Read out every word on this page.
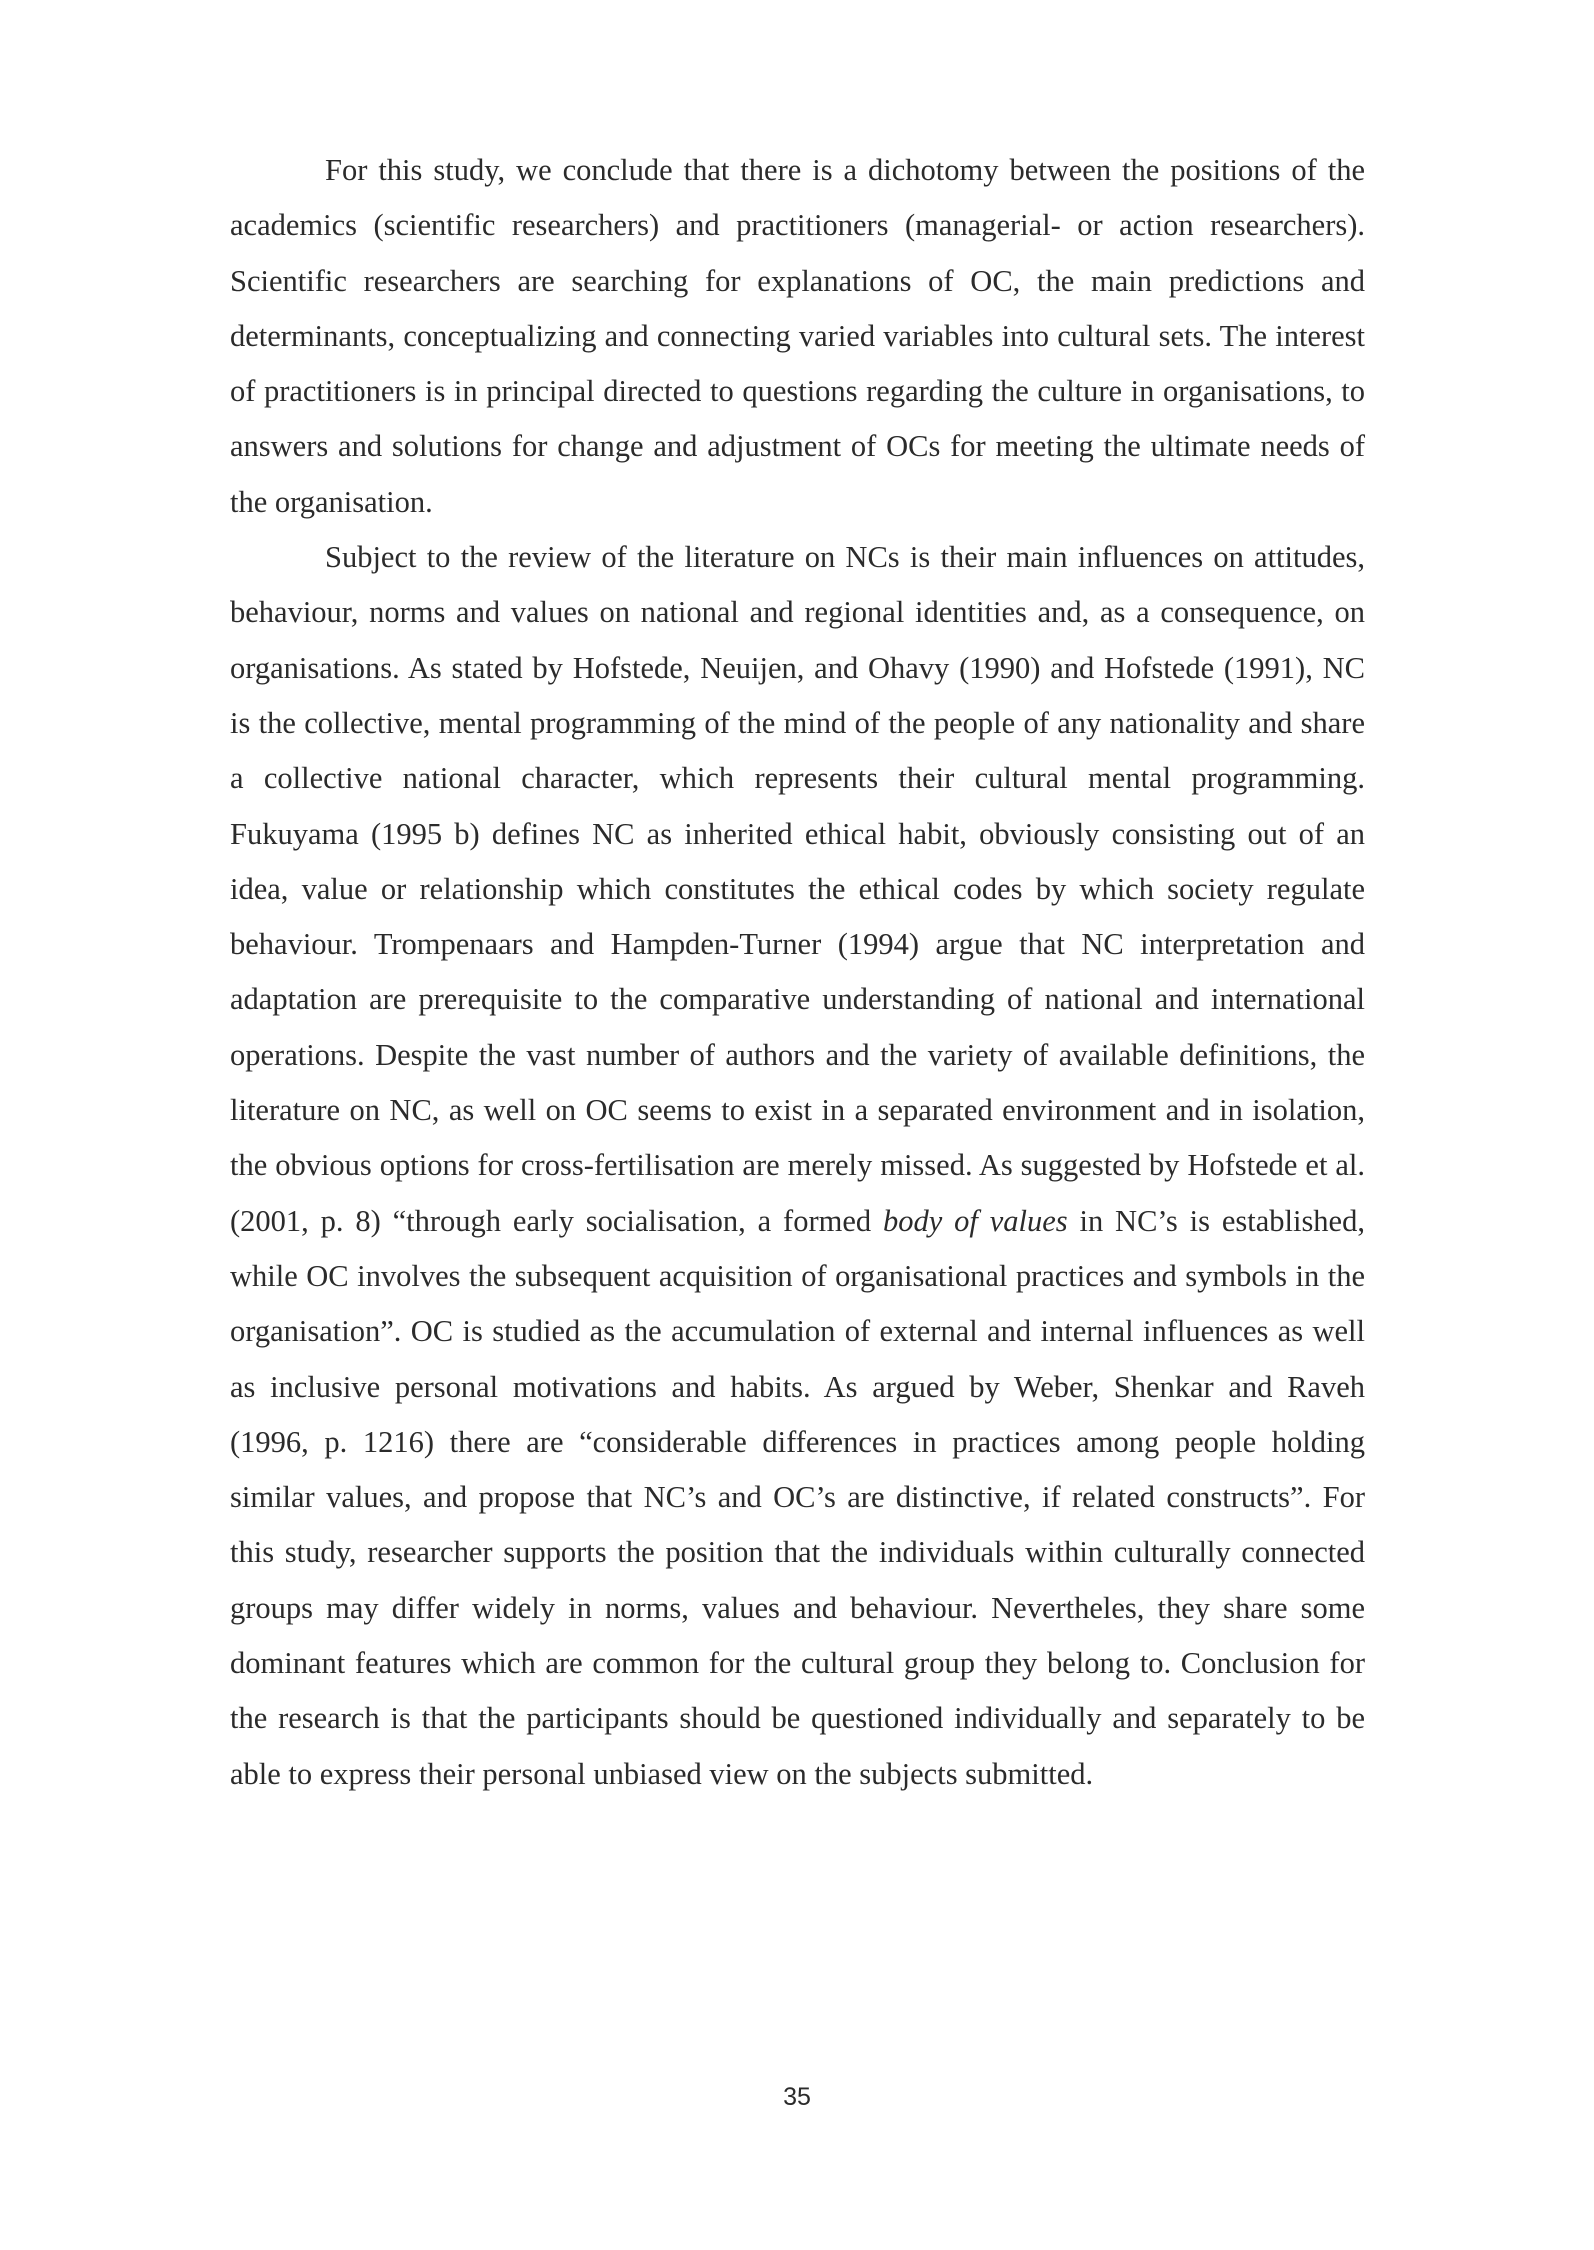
For this study, we conclude that there is a dichotomy between the positions of the academics (scientific researchers) and practitioners (managerial- or action researchers). Scientific researchers are searching for explanations of OC, the main predictions and determinants, conceptualizing and connecting varied variables into cultural sets. The interest of practitioners is in principal directed to questions regarding the culture in organisations, to answers and solutions for change and adjustment of OCs for meeting the ultimate needs of the organisation.

Subject to the review of the literature on NCs is their main influences on attitudes, behaviour, norms and values on national and regional identities and, as a consequence, on organisations. As stated by Hofstede, Neuijen, and Ohavy (1990) and Hofstede (1991), NC is the collective, mental programming of the mind of the people of any nationality and share a collective national character, which represents their cultural mental programming. Fukuyama (1995 b) defines NC as inherited ethical habit, obviously consisting out of an idea, value or relationship which constitutes the ethical codes by which society regulate behaviour. Trompenaars and Hampden-Turner (1994) argue that NC interpretation and adaptation are prerequisite to the comparative understanding of national and international operations. Despite the vast number of authors and the variety of available definitions, the literature on NC, as well on OC seems to exist in a separated environment and in isolation, the obvious options for cross-fertilisation are merely missed. As suggested by Hofstede et al. (2001, p. 8) “through early socialisation, a formed body of values in NC’s is established, while OC involves the subsequent acquisition of organisational practices and symbols in the organisation”. OC is studied as the accumulation of external and internal influences as well as inclusive personal motivations and habits. As argued by Weber, Shenkar and Raveh (1996, p. 1216) there are “considerable differences in practices among people holding similar values, and propose that NC’s and OC’s are distinctive, if related constructs”. For this study, researcher supports the position that the individuals within culturally connected groups may differ widely in norms, values and behaviour. Nevertheles, they share some dominant features which are common for the cultural group they belong to. Conclusion for the research is that the participants should be questioned individually and separately to be able to express their personal unbiased view on the subjects submitted.

35
